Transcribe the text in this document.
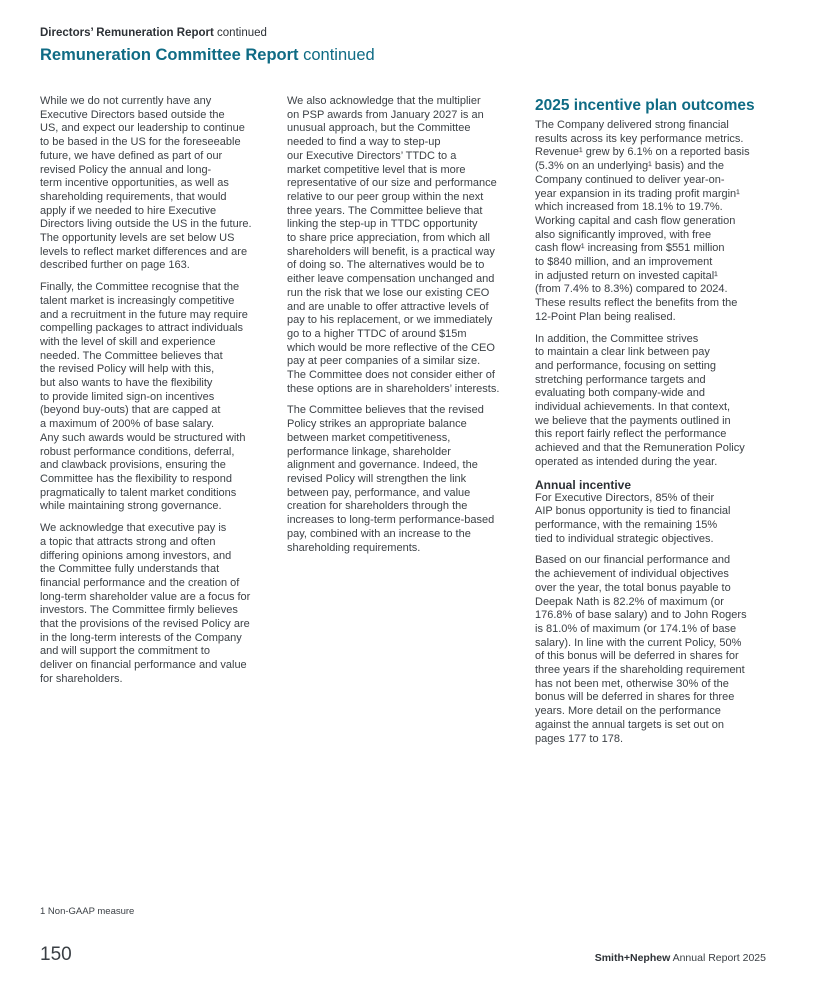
Directors’ Remuneration Report continued
Remuneration Committee Report continued

While we do not currently have any
Executive Directors based outside the
US, and expect our leadership to continue
to be based in the US for the foreseeable
future, we have defined as part of our
revised Policy the annual and long-
term incentive opportunities, as well as
shareholding requirements, that would
apply if we needed to hire Executive
Directors living outside the US in the future.
The opportunity levels are set below US
levels to reflect market differences and are
described further on page 163.

Finally, the Committee recognise that the
talent market is increasingly competitive
and a recruitment in the future may require
compelling packages to attract individuals
with the level of skill and experience
needed. The Committee believes that
the revised Policy will help with this,
but also wants to have the flexibility
to provide limited sign-on incentives
(beyond buy-outs) that are capped at
a maximum of 200% of base salary.
Any such awards would be structured with
robust performance conditions, deferral,
and clawback provisions, ensuring the
Committee has the flexibility to respond
pragmatically to talent market conditions
while maintaining strong governance.

We acknowledge that executive pay is
a topic that attracts strong and often
differing opinions among investors, and
the Committee fully understands that
financial performance and the creation of
long-term shareholder value are a focus for
investors. The Committee firmly believes
that the provisions of the revised Policy are
in the long-term interests of the Company
and will support the commitment to
deliver on financial performance and value
for shareholders.

We also acknowledge that the multiplier
on PSP awards from January 2027 is an
unusual approach, but the Committee
needed to find a way to step-up
our Executive Directors’ TTDC to a
market competitive level that is more
representative of our size and performance
relative to our peer group within the next
three years. The Committee believe that
linking the step-up in TTDC opportunity
to share price appreciation, from which all
shareholders will benefit, is a practical way
of doing so. The alternatives would be to
either leave compensation unchanged and
run the risk that we lose our existing CEO
and are unable to offer attractive levels of
pay to his replacement, or we immediately
go to a higher TTDC of around $15m
which would be more reflective of the CEO
pay at peer companies of a similar size.
The Committee does not consider either of
these options are in shareholders’ interests.

The Committee believes that the revised
Policy strikes an appropriate balance
between market competitiveness,
performance linkage, shareholder
alignment and governance. Indeed, the
revised Policy will strengthen the link
between pay, performance, and value
creation for shareholders through the
increases to long-term performance-based
pay, combined with an increase to the
shareholding requirements.

2025 incentive plan outcomes

The Company delivered strong financial
results across its key performance metrics.
Revenue¹ grew by 6.1% on a reported basis
(5.3% on an underlying¹ basis) and the
Company continued to deliver year-on-
year expansion in its trading profit margin¹
which increased from 18.1% to 19.7%.
Working capital and cash flow generation
also significantly improved, with free
cash flow¹ increasing from $551 million
to $840 million, and an improvement
in adjusted return on invested capital¹
(from 7.4% to 8.3%) compared to 2024.
These results reflect the benefits from the
12-Point Plan being realised.

In addition, the Committee strives
to maintain a clear link between pay
and performance, focusing on setting
stretching performance targets and
evaluating both company-wide and
individual achievements. In that context,
we believe that the payments outlined in
this report fairly reflect the performance
achieved and that the Remuneration Policy
operated as intended during the year.

Annual incentive

For Executive Directors, 85% of their
AIP bonus opportunity is tied to financial
performance, with the remaining 15%
tied to individual strategic objectives.

Based on our financial performance and
the achievement of individual objectives
over the year, the total bonus payable to
Deepak Nath is 82.2% of maximum (or
176.8% of base salary) and to John Rogers
is 81.0% of maximum (or 174.1% of base
salary). In line with the current Policy, 50%
of this bonus will be deferred in shares for
three years if the shareholding requirement
has not been met, otherwise 30% of the
bonus will be deferred in shares for three
years. More detail on the performance
against the annual targets is set out on
pages 177 to 178.

1 Non-GAAP measure
150	Smith+Nephew Annual Report 2025
